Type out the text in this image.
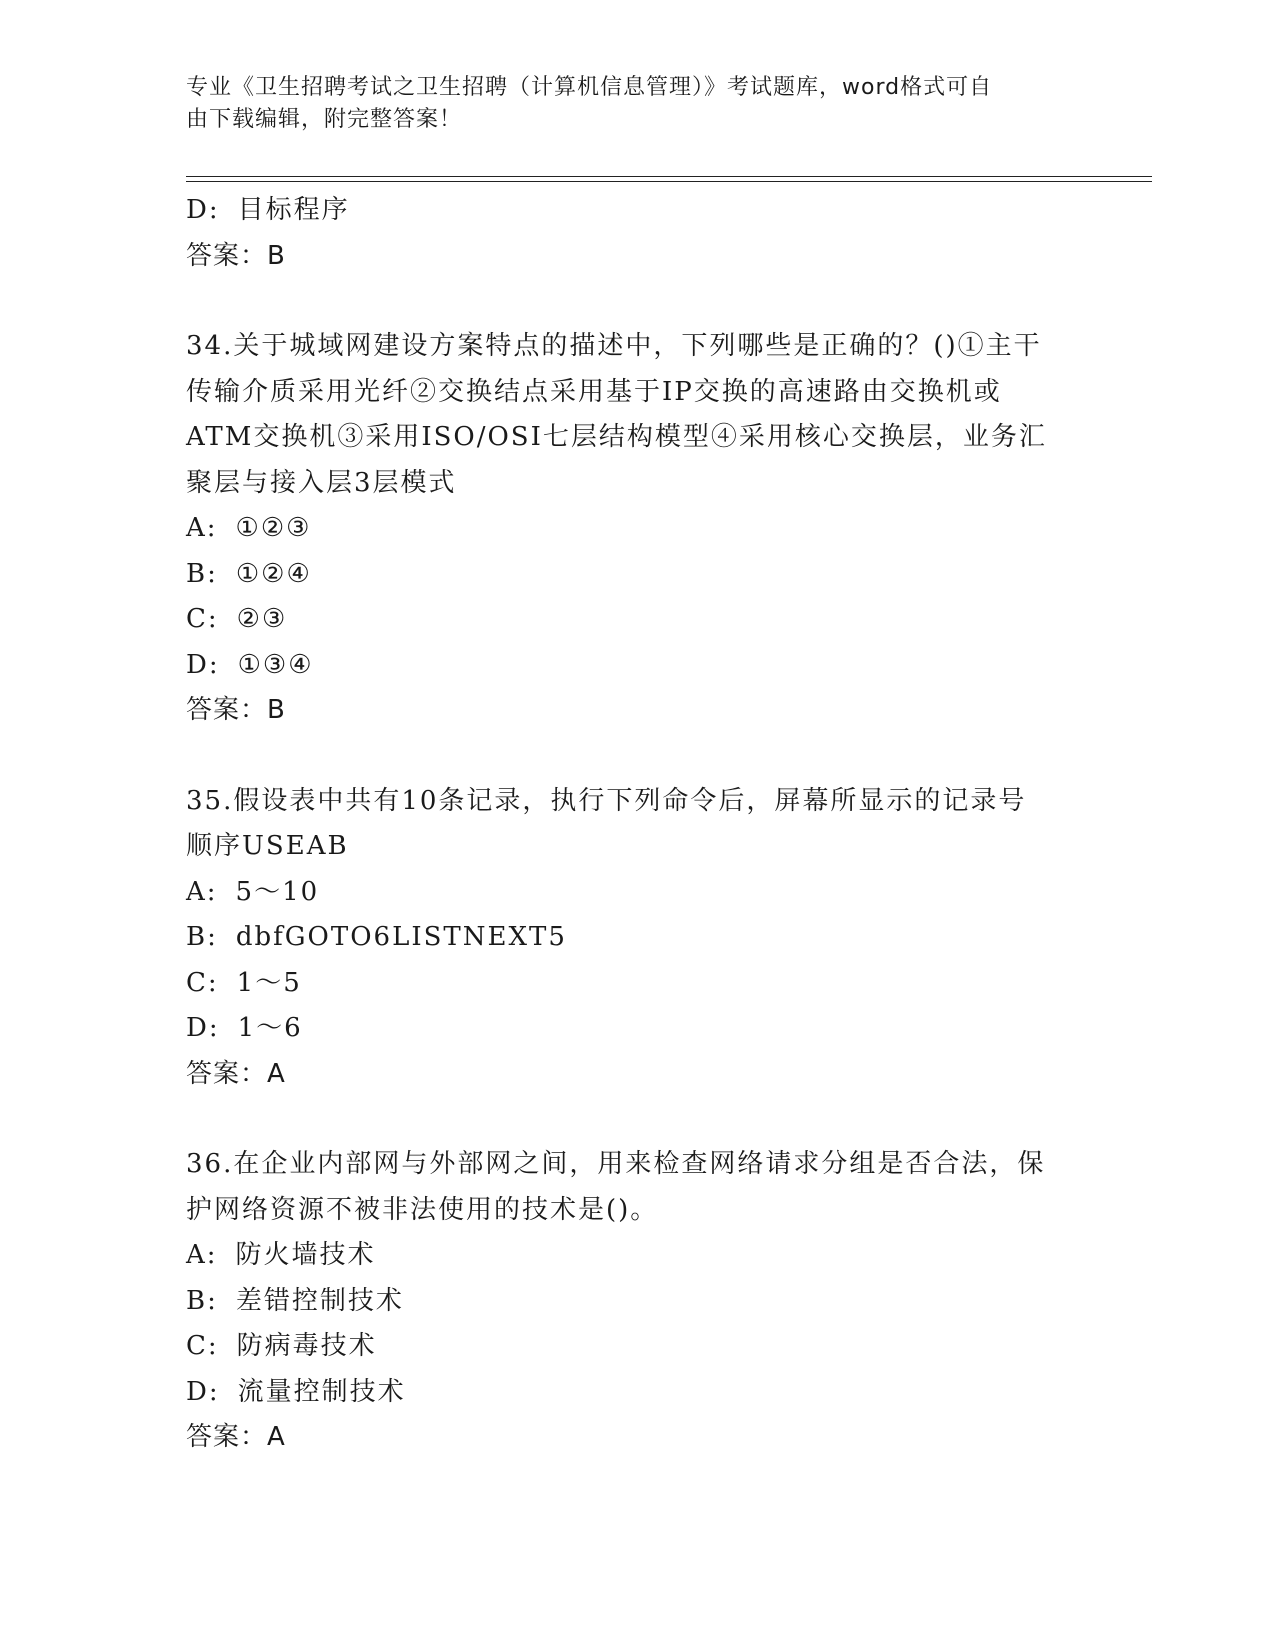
专业《卫生招聘考试之卫生招聘（计算机信息管理）》考试题库，word格式可自
由下载编辑，附完整答案！
D: 目标程序
答案：B
34.关于城域网建设方案特点的描述中，下列哪些是正确的？()①主干
传输介质采用光纤②交换结点采用基于IP交换的高速路由交换机或
ATM交换机③采用ISO/OSI七层结构模型④采用核心交换层，业务汇
聚层与接入层3层模式
A: ①②③
B: ①②④
C: ②③
D: ①③④
答案：B
35.假设表中共有10条记录，执行下列命令后，屏幕所显示的记录号
顺序USEAB
A: 5～10
B: dbfGOTO6LISTNEXT5
C: 1～5
D: 1～6
答案：A
36.在企业内部网与外部网之间，用来检查网络请求分组是否合法，保
护网络资源不被非法使用的技术是()。
A: 防火墙技术
B: 差错控制技术
C: 防病毒技术
D: 流量控制技术
答案：A
